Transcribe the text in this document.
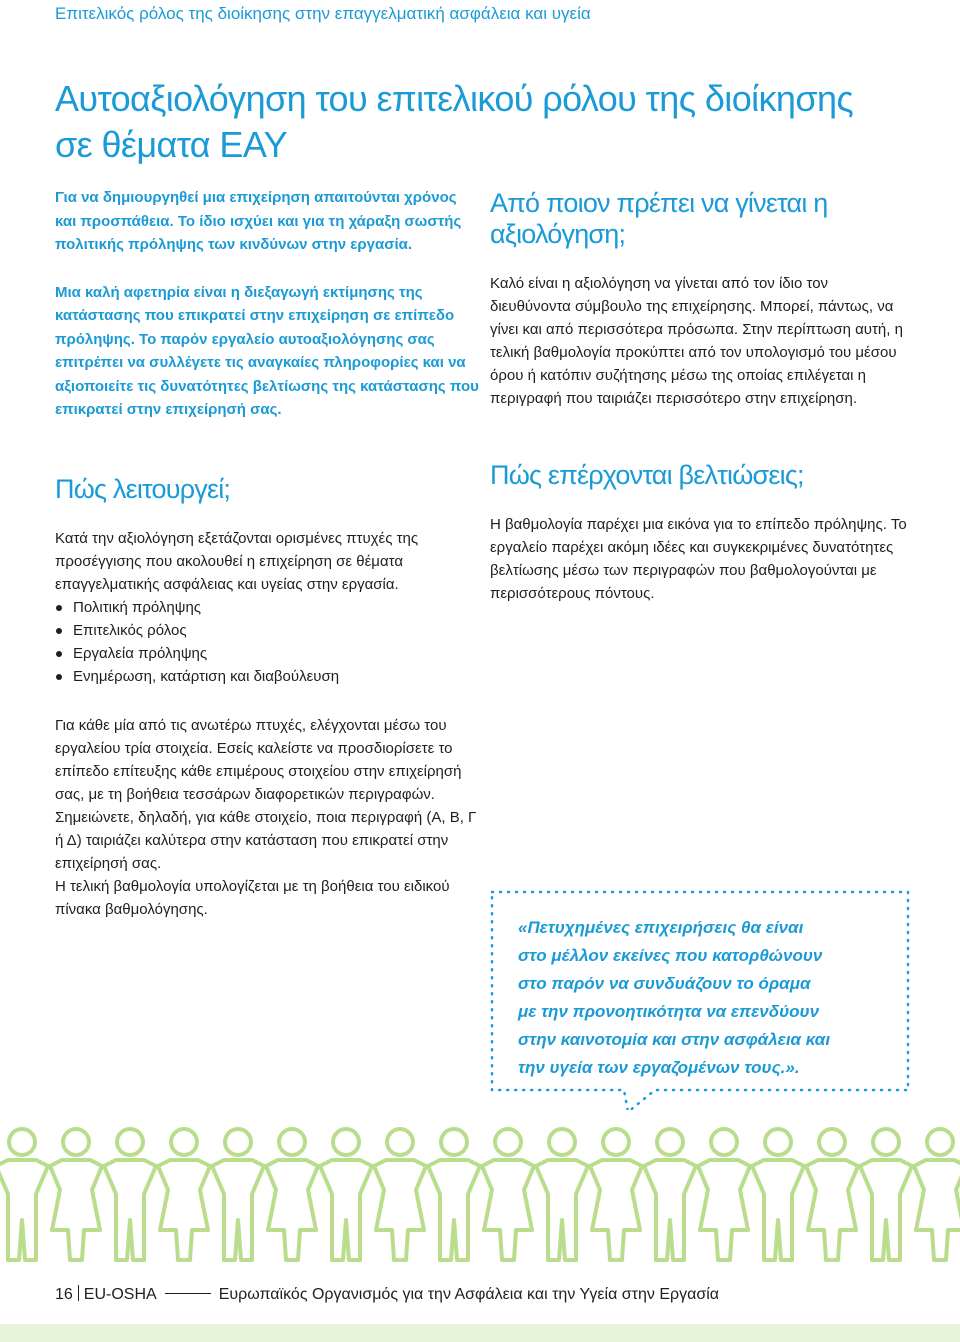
Επιτελικός ρόλος της διοίκησης στην επαγγελματική ασφάλεια και υγεία
Αυτοαξιολόγηση του επιτελικού ρόλου της διοίκησης
σε θέματα ΕΑΥ

Για να δημιουργηθεί μια επιχείρηση απαιτούνται χρόνος και προσπάθεια. Το ίδιο ισχύει και για τη χάραξη σωστής πολιτικής πρόληψης των κινδύνων στην εργασία.

Μια καλή αφετηρία είναι η διεξαγωγή εκτίμησης της κατάστασης που επικρατεί στην επιχείρηση σε επίπεδο πρόληψης. Το παρόν εργαλείο αυτοαξιολόγησης σας επιτρέπει να συλλέγετε τις αναγκαίες πληροφορίες και να αξιοποιείτε τις δυνατότητες βελτίωσης της κατάστασης που επικρατεί στην επιχείρησή σας.

Πώς λειτουργεί;

Κατά την αξιολόγηση εξετάζονται ορισμένες πτυχές της προσέγγισης που ακολουθεί η επιχείρηση σε θέματα επαγγελματικής ασφάλειας και υγείας στην εργασία.

Πολιτική πρόληψης
Επιτελικός ρόλος
Εργαλεία πρόληψης
Ενημέρωση, κατάρτιση και διαβούλευση

Για κάθε μία από τις ανωτέρω πτυχές, ελέγχονται μέσω του εργαλείου τρία στοιχεία. Εσείς καλείστε να προσδιορίσετε το επίπεδο επίτευξης κάθε επιμέρους στοιχείου στην επιχείρησή σας, με τη βοήθεια τεσσάρων διαφορετικών περιγραφών. Σημειώνετε, δηλαδή, για κάθε στοιχείο, ποια περιγραφή (Α, Β, Γ ή Δ) ταιριάζει καλύτερα στην κατάσταση που επικρατεί στην επιχείρησή σας.

Η τελική βαθμολογία υπολογίζεται με τη βοήθεια του ειδικού πίνακα βαθμολόγησης.

Από ποιον πρέπει να γίνεται η αξιολόγηση;

Καλό είναι η αξιολόγηση να γίνεται από τον ίδιο τον διευθύνοντα σύμβουλο της επιχείρησης. Μπορεί, πάντως, να γίνει και από περισσότερα πρόσωπα. Στην περίπτωση αυτή, η τελική βαθμολογία προκύπτει από τον υπολογισμό του μέσου όρου ή κατόπιν συζήτησης μέσω της οποίας επιλέγεται η περιγραφή που ταιριάζει περισσότερο στην επιχείρηση.

Πώς επέρχονται βελτιώσεις;

Η βαθμολογία παρέχει μια εικόνα για το επίπεδο πρόληψης. Το εργαλείο παρέχει ακόμη ιδέες και συγκεκριμένες δυνατότητες βελτίωσης μέσω των περιγραφών που βαθμολογούνται με περισσότερους πόντους.

«Πετυχημένες επιχειρήσεις θα είναι
στο μέλλον εκείνες που κατορθώνουν
στο παρόν να συνδυάζουν το όραμα
με την προνοητικότητα να επενδύουν
στην καινοτομία και στην ασφάλεια και
την υγεία των εργαζομένων τους.».

16 EU-OSHA	Ευρωπαϊκός Οργανισμός για την Ασφάλεια και την Υγεία στην Εργασία
